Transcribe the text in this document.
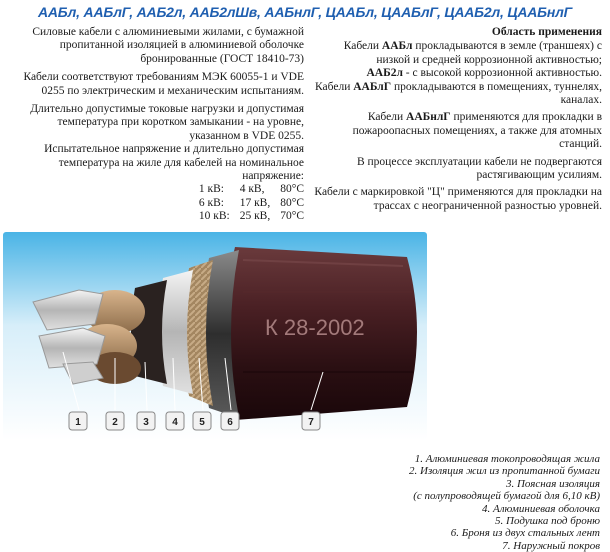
ААБл, ААБлГ, ААБ2л, ААБ2лШв, ААБнлГ, ЦААБл, ЦААБлГ, ЦААБ2л, ЦААБнлГ

Силовые кабели с алюминиевыми жилами, с бумажной пропитанной изоляцией в алюминиевой оболочке бронированные (ГОСТ 18410-73)

Кабели соответствуют требованиям МЭК 60055-1 и VDE 0255 по электрическим и механическим испытаниям.

Длительно допустимые токовые нагрузки и допустимая температура при коротком замыкании - на уровне, указанном в VDE 0255.

Испытательное напряжение и длительно допустимая температура на жиле для кабелей на номинальное напряжение:

1 кВ:	4 кВ,	80°C
6 кВ:	17 кВ,	80°C
10 кВ:	25 кВ,	70°C

Область применения

Кабели ААБл прокладываются в земле (траншеях) с низкой и средней коррозионной активностью;
ААБ2л - с высокой коррозионной активностью.
Кабели ААБлГ прокладываются в помещениях, туннелях, каналах.

Кабели ААБнлГ применяются для прокладки в пожароопасных помещениях, а также для атомных станций.

В процессе эксплуатации кабели не подвергаются растягивающим усилиям.

Кабели с маркировкой "Ц" применяются для прокладки на трассах с неограниченной разностью уровней.

К 28-2002
1	2	3 4 5 6	7
1. Алюминиевая токопроводящая жила
2. Изоляция жил из пропитанной бумаги
3. Поясная изоляция
(с полупроводящей бумагой для 6,10 кВ)
4. Алюминиевая оболочка
5. Подушка под броню
6. Броня из двух стальных лент
7. Наружный покров
